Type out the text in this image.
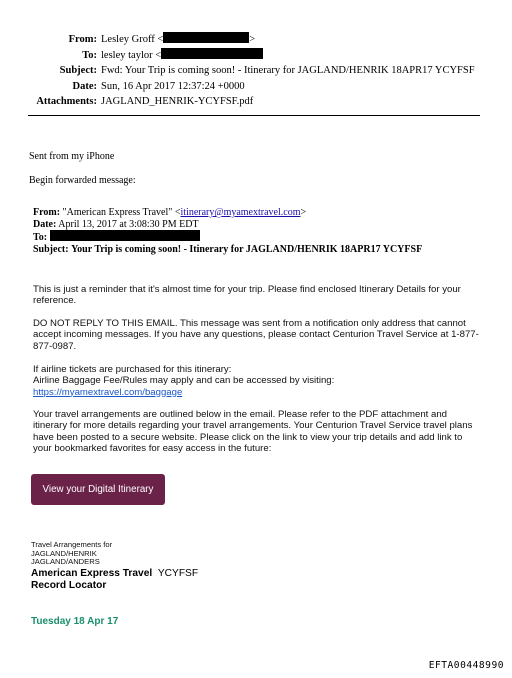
From: Lesley Groff <	>
To: lesley taylor <
Subject: Fwd: Your Trip is coming soon! - Itinerary for JAGLAND/HENRIK 18APR17 YCYFSF
Date: Sun, 16 Apr 2017 12:37:24 +0000
Attachments: JAGLAND_HENRIK-YCYFSF.pdf
Sent from my iPhone
Begin forwarded message:
From: "American Express Travel" <itinerary@myamextravel.com>
Date: April 13, 2017 at 3:08:30 PM EDT
To:
Subject: Your Trip is coming soon! - Itinerary for JAGLAND/HENRIK 18APR17 YCYFSF
This is just a reminder that it's almost time for your trip. Please find enclosed Itinerary Details for your reference.
DO NOT REPLY TO THIS EMAIL. This message was sent from a notification only address that cannot accept incoming messages. If you have any questions, please contact Centurion Travel Service at 1-877-877-0987.
If airline tickets are purchased for this itinerary:
Airline Baggage Fee/Rules may apply and can be accessed by visiting:
https://myamextravel.com/baggage
Your travel arrangements are outlined below in the email. Please refer to the PDF attachment and itinerary for more details regarding your travel arrangements. Your Centurion Travel Service travel plans have been posted to a secure website. Please click on the link to view your trip details and add link to your bookmarked favorites for easy access in the future:
View your Digital Itinerary
Travel Arrangements for
JAGLAND/HENRIK
JAGLAND/ANDERS
American Express Travel YCYFSF
Record Locator
Tuesday 18 Apr 17
EFTA00448990
